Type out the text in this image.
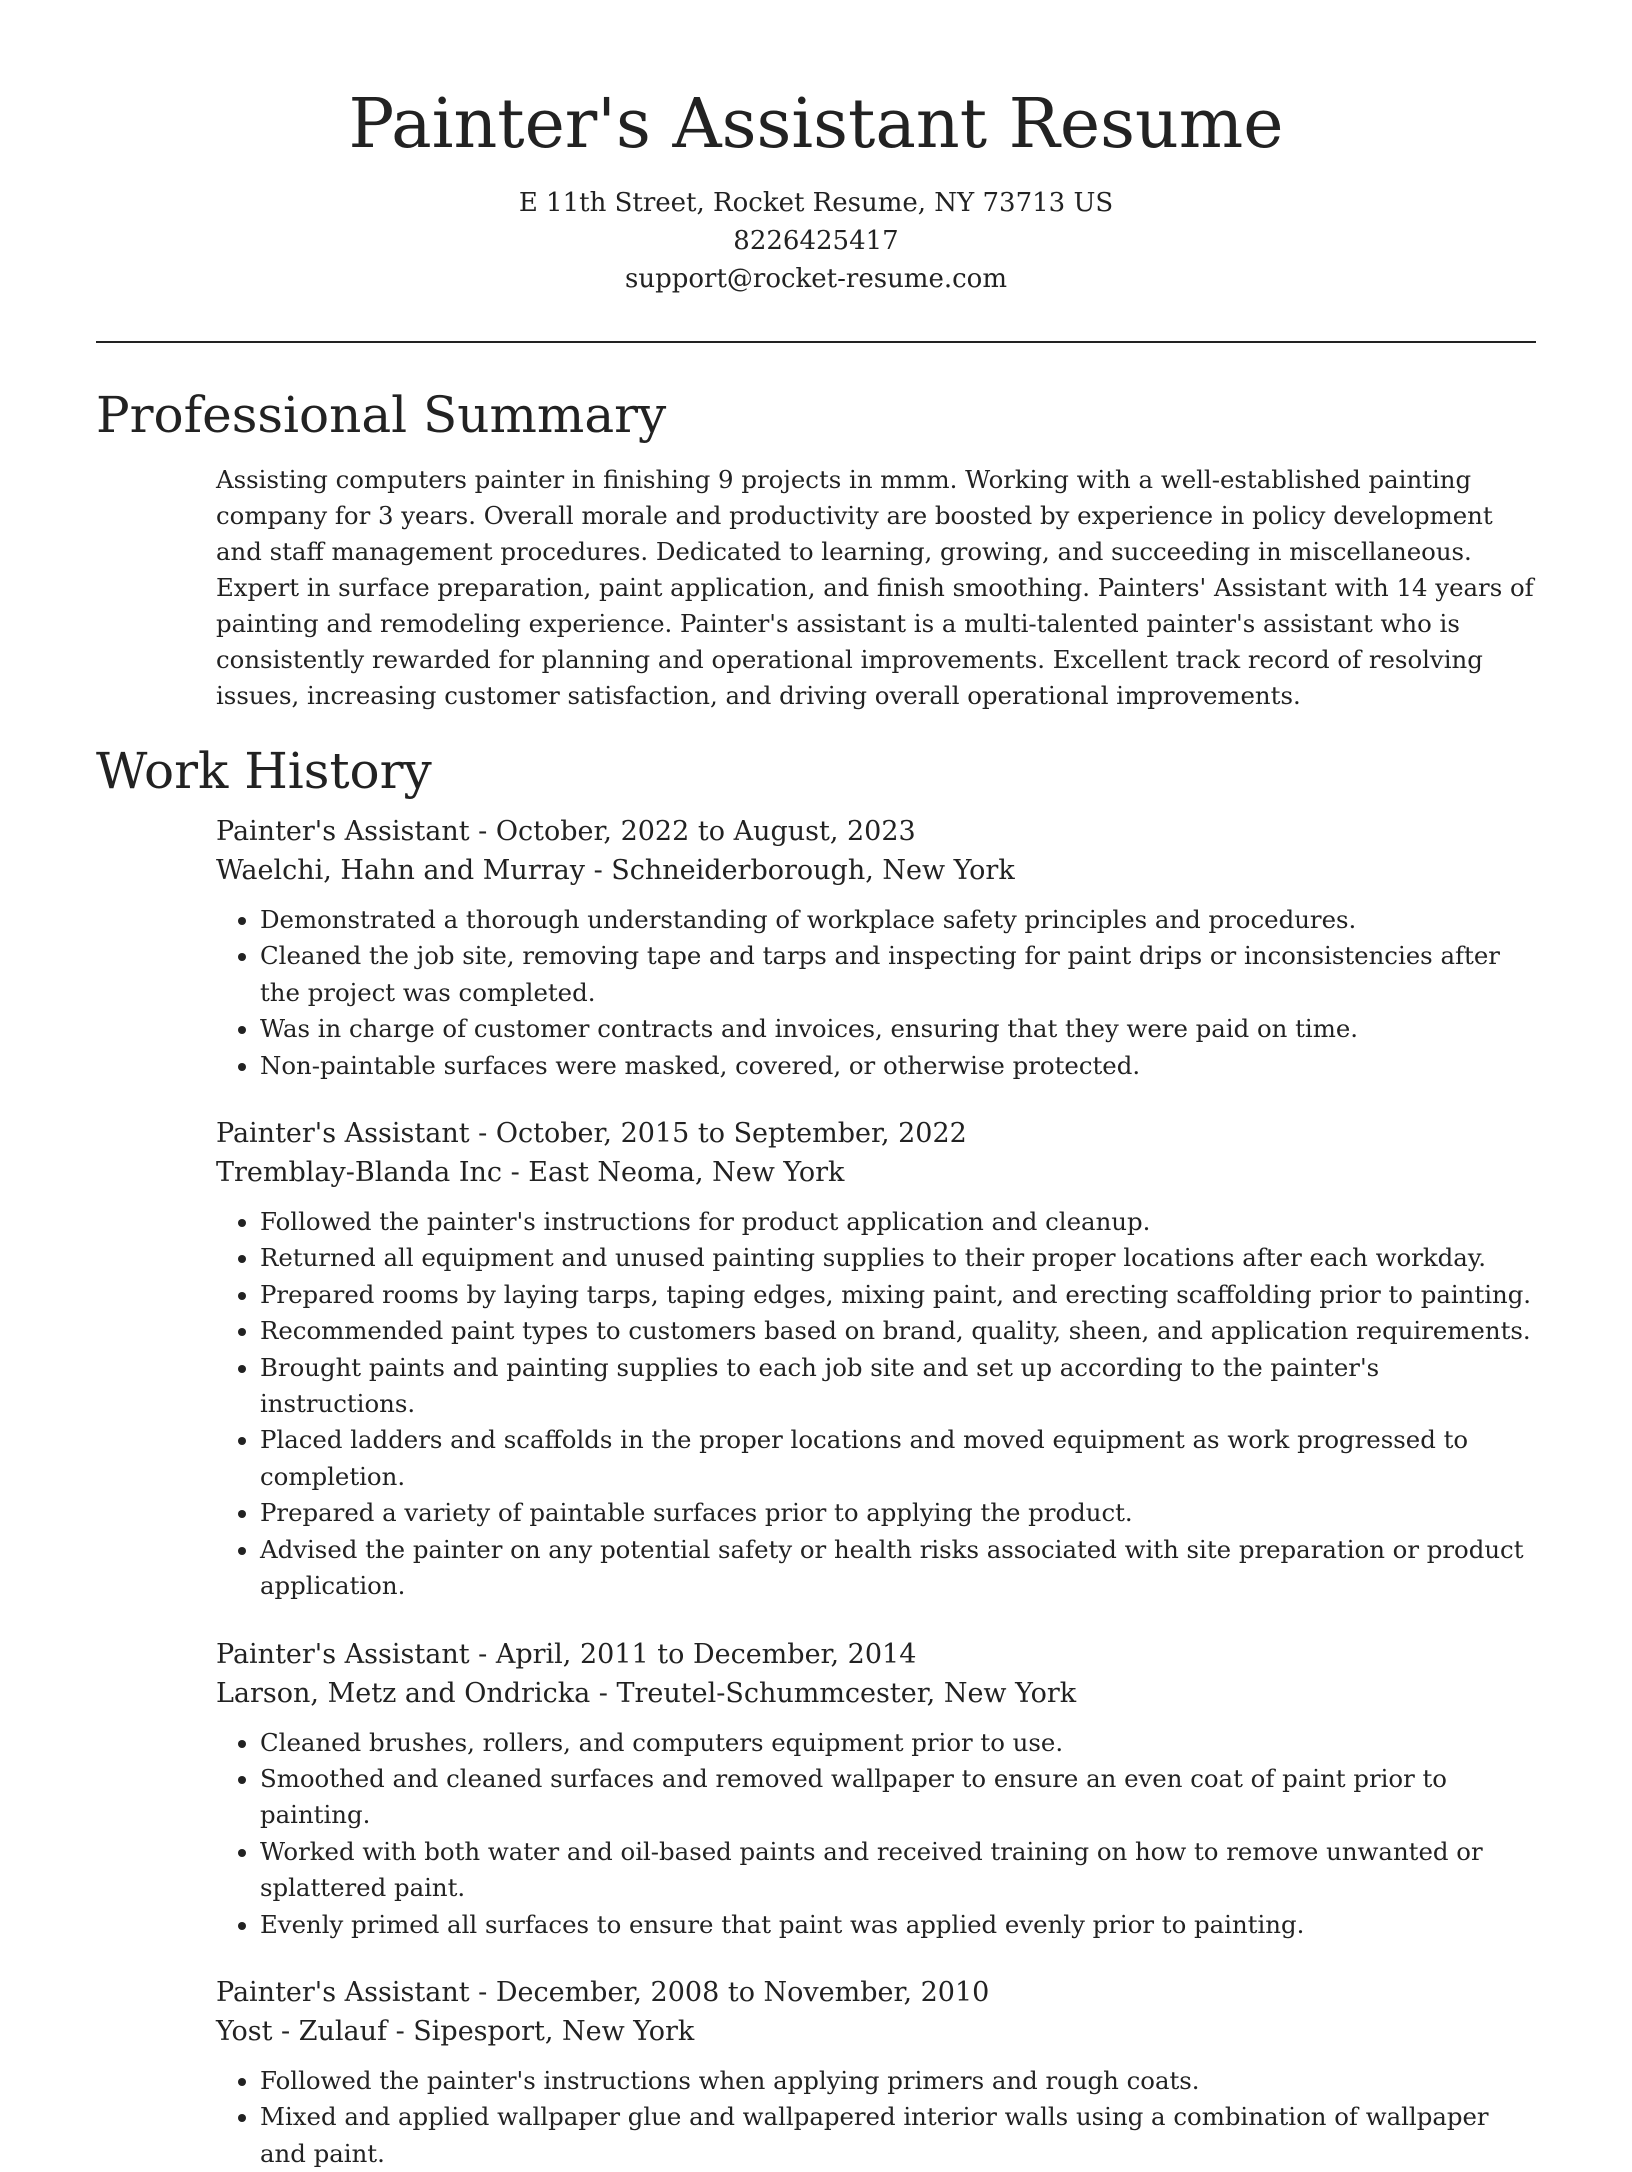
Painter's Assistant Resume
E 11th Street, Rocket Resume, NY 73713 US
8226425417
support@rocket-resume.com
Professional Summary

Assisting computers painter in finishing 9 projects in mmm. Working with a well-established painting company for 3 years. Overall morale and productivity are boosted by experience in policy development and staff management procedures. Dedicated to learning, growing, and succeeding in miscellaneous. Expert in surface preparation, paint application, and finish smoothing. Painters' Assistant with 14 years of painting and remodeling experience. Painter's assistant is a multi-talented painter's assistant who is consistently rewarded for planning and operational improvements. Excellent track record of resolving issues, increasing customer satisfaction, and driving overall operational improvements.

Work History
Painter's Assistant - October, 2022 to August, 2023
Waelchi, Hahn and Murray - Schneiderborough, New York
• Demonstrated a thorough understanding of workplace safety principles and procedures.
• Cleaned the job site, removing tape and tarps and inspecting for paint drips or inconsistencies after the project was completed.
• Was in charge of customer contracts and invoices, ensuring that they were paid on time.
• Non-paintable surfaces were masked, covered, or otherwise protected.
Painter's Assistant - October, 2015 to September, 2022
Tremblay-Blanda Inc - East Neoma, New York
• Followed the painter's instructions for product application and cleanup.
• Returned all equipment and unused painting supplies to their proper locations after each workday.
• Prepared rooms by laying tarps, taping edges, mixing paint, and erecting scaffolding prior to painting.
• Recommended paint types to customers based on brand, quality, sheen, and application requirements.
• Brought paints and painting supplies to each job site and set up according to the painter's instructions.
• Placed ladders and scaffolds in the proper locations and moved equipment as work progressed to completion.
• Prepared a variety of paintable surfaces prior to applying the product.
• Advised the painter on any potential safety or health risks associated with site preparation or product application.
Painter's Assistant - April, 2011 to December, 2014
Larson, Metz and Ondricka - Treutel-Schummcester, New York
• Cleaned brushes, rollers, and computers equipment prior to use.
• Smoothed and cleaned surfaces and removed wallpaper to ensure an even coat of paint prior to painting.
• Worked with both water and oil-based paints and received training on how to remove unwanted or splattered paint.
• Evenly primed all surfaces to ensure that paint was applied evenly prior to painting.
Painter's Assistant - December, 2008 to November, 2010
Yost - Zulauf - Sipesport, New York
• Followed the painter's instructions when applying primers and rough coats.
• Mixed and applied wallpaper glue and wallpapered interior walls using a combination of wallpaper and paint.
